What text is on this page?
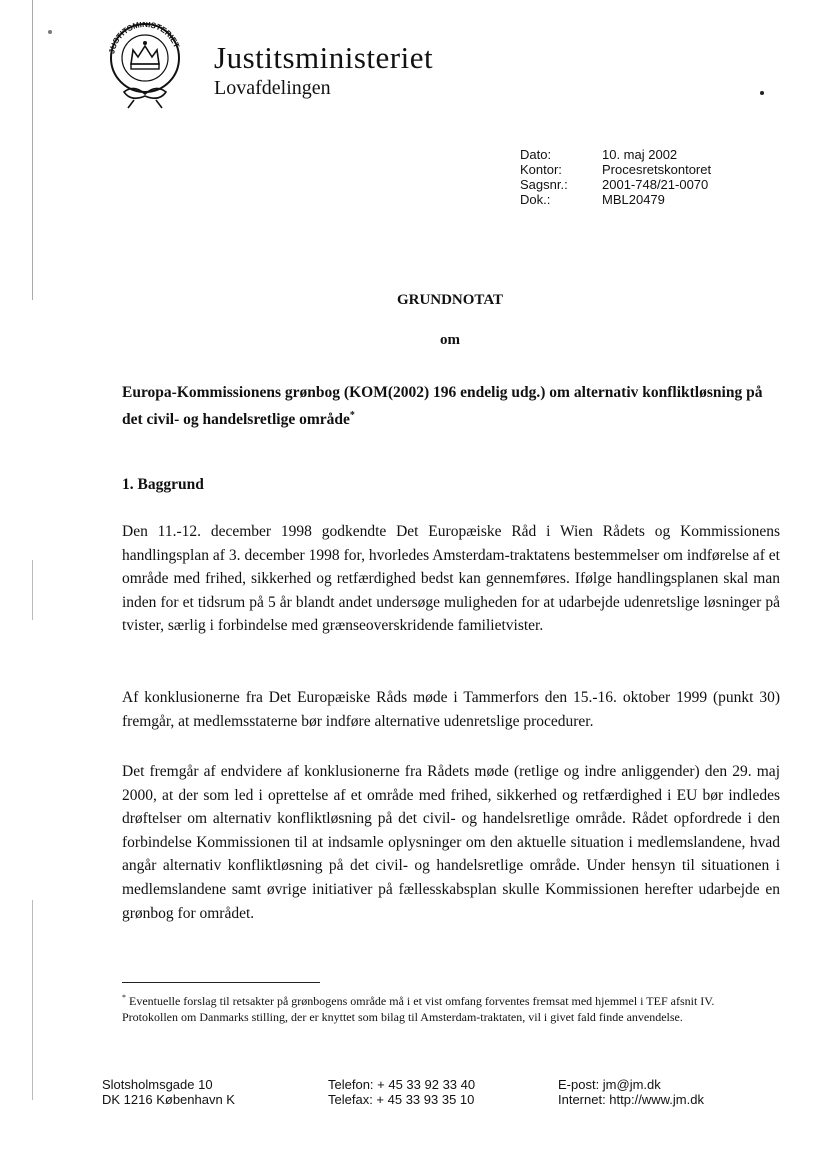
JUSTITSMINISTERIET Justitsministeriet
Lovafdelingen
Dato:	10. maj 2002
Kontor:	Procesretskontoret
Sagsnr.:	2001-748/21-0070
Dok.:	MBL20479
GRUNDNOTAT
om
Europa-Kommissionens grønbog (KOM(2002) 196 endelig udg.) om alternativ konfliktløsning på det civil- og handelsretlige område*
1. Baggrund
Den 11.-12. december 1998 godkendte Det Europæiske Råd i Wien Rådets og Kommissionens handlingsplan af 3. december 1998 for, hvorledes Amsterdam-traktatens bestemmelser om indførelse af et område med frihed, sikkerhed og retfærdighed bedst kan gennemføres. Ifølge handlingsplanen skal man inden for et tidsrum på 5 år blandt andet undersøge muligheden for at udarbejde udenretslige løsninger på tvister, særlig i forbindelse med grænseoverskridende familietvister.
Af konklusionerne fra Det Europæiske Råds møde i Tammerfors den 15.-16. oktober 1999 (punkt 30) fremgår, at medlemsstaterne bør indføre alternative udenretslige procedurer.
Det fremgår af endvidere af konklusionerne fra Rådets møde (retlige og indre anliggender) den 29. maj 2000, at der som led i oprettelse af et område med frihed, sikkerhed og retfærdighed i EU bør indledes drøftelser om alternativ konfliktløsning på det civil- og handelsretlige område. Rådet opfordrede i den forbindelse Kommissionen til at indsamle oplysninger om den aktuelle situation i medlemslandene, hvad angår alternativ konfliktløsning på det civil- og handelsretlige område. Under hensyn til situationen i medlemslandene samt øvrige initiativer på fællesskabsplan skulle Kommissionen herefter udarbejde en grønbog for området.
* Eventuelle forslag til retsakter på grønbogens område må i et vist omfang forventes fremsat med hjemmel i TEF afsnit IV. Protokollen om Danmarks stilling, der er knyttet som bilag til Amsterdam-traktaten, vil i givet fald finde anvendelse.
Slotsholmsgade 10
DK 1216 København K
Telefon: + 45 33 92 33 40
Telefax: + 45 33 93 35 10
E-post: jm@jm.dk
Internet: http://www.jm.dk
